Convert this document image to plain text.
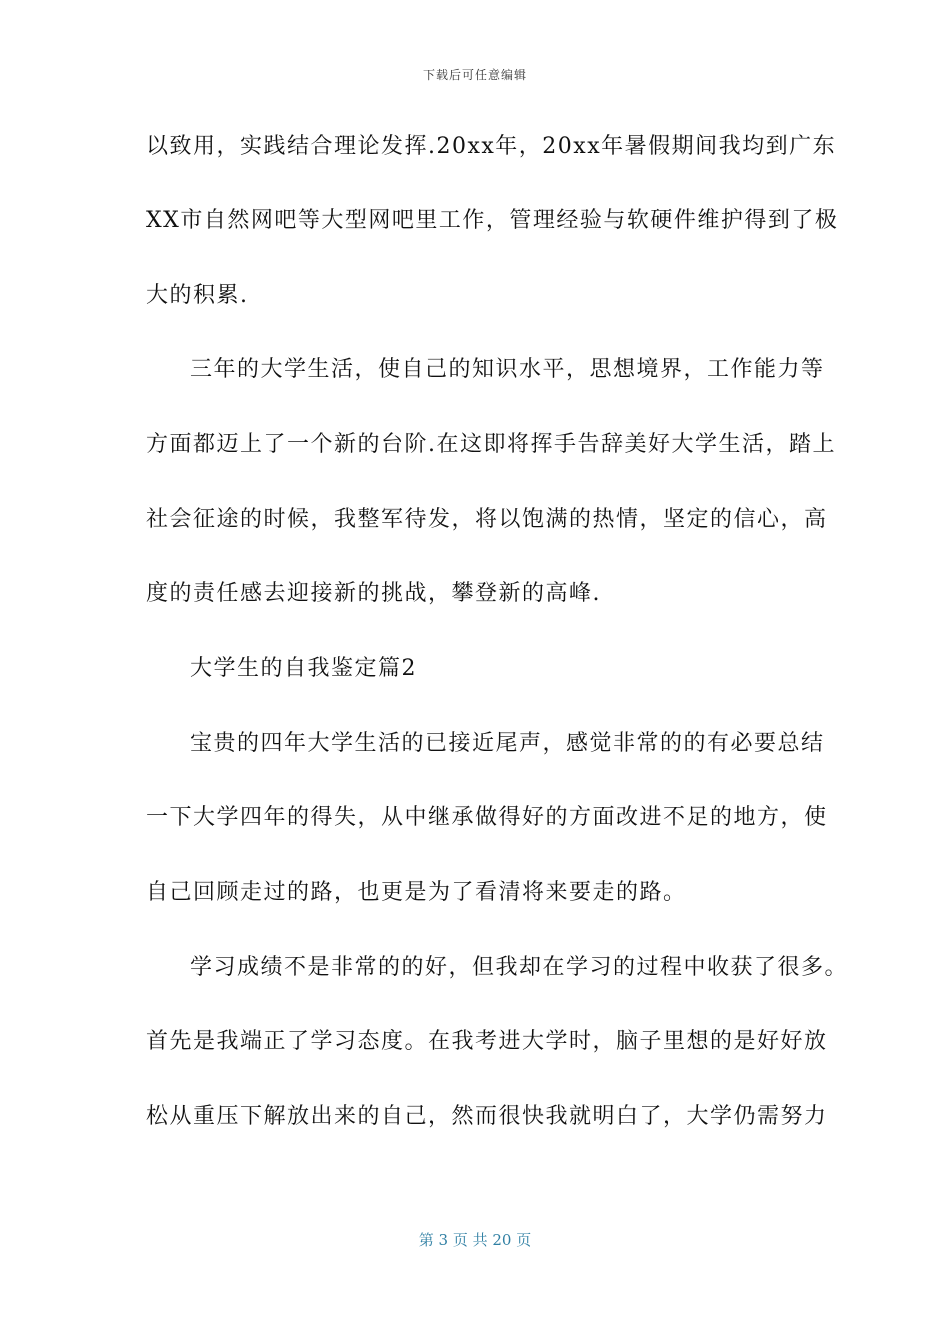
下载后可任意编辑
以致用，实践结合理论发挥.20xx年，20xx年暑假期间我均到广东
XX市自然网吧等大型网吧里工作，管理经验与软硬件维护得到了极
大的积累.
三年的大学生活，使自己的知识水平，思想境界，工作能力等
方面都迈上了一个新的台阶.在这即将挥手告辞美好大学生活，踏上
社会征途的时候，我整军待发，将以饱满的热情，坚定的信心，高
度的责任感去迎接新的挑战，攀登新的高峰.
大学生的自我鉴定篇2
宝贵的四年大学生活的已接近尾声，感觉非常的的有必要总结
一下大学四年的得失，从中继承做得好的方面改进不足的地方，使
自己回顾走过的路，也更是为了看清将来要走的路。
学习成绩不是非常的的好，但我却在学习的过程中收获了很多。
首先是我端正了学习态度。在我考进大学时，脑子里想的是好好放
松从重压下解放出来的自己，然而很快我就明白了，大学仍需努力
第 3 页 共 20 页
